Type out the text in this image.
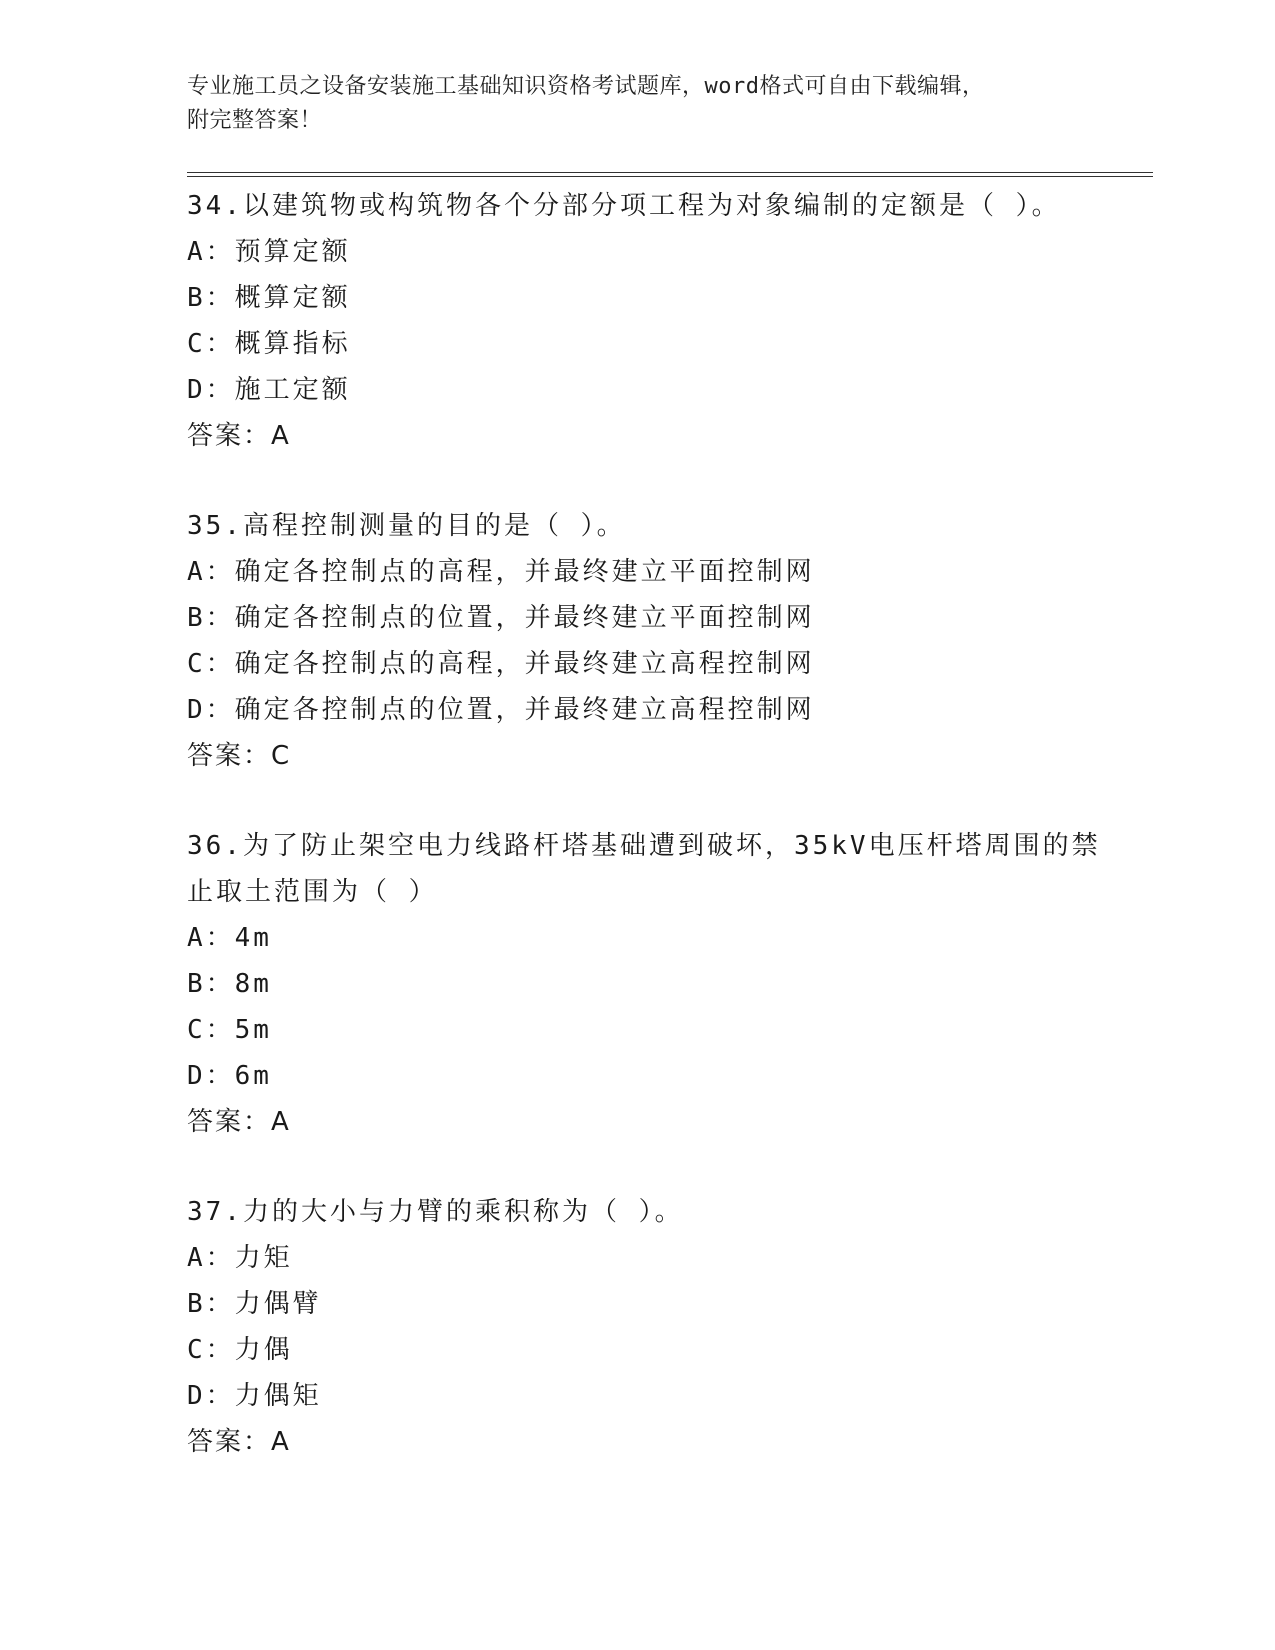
专业施工员之设备安装施工基础知识资格考试题库，word格式可自由下载编辑，
附完整答案！
34.以建筑物或构筑物各个分部分项工程为对象编制的定额是（ ）。
A：预算定额
B：概算定额
C：概算指标
D：施工定额
答案：A
35.高程控制测量的目的是（ ）。
A：确定各控制点的高程，并最终建立平面控制网
B：确定各控制点的位置，并最终建立平面控制网
C：确定各控制点的高程，并最终建立高程控制网
D：确定各控制点的位置，并最终建立高程控制网
答案：C
36.为了防止架空电力线路杆塔基础遭到破坏，35kV电压杆塔周围的禁
止取土范围为（ ）
A：4m
B：8m
C：5m
D：6m
答案：A
37.力的大小与力臂的乘积称为（ ）。
A：力矩
B：力偶臂
C：力偶
D：力偶矩
答案：A
